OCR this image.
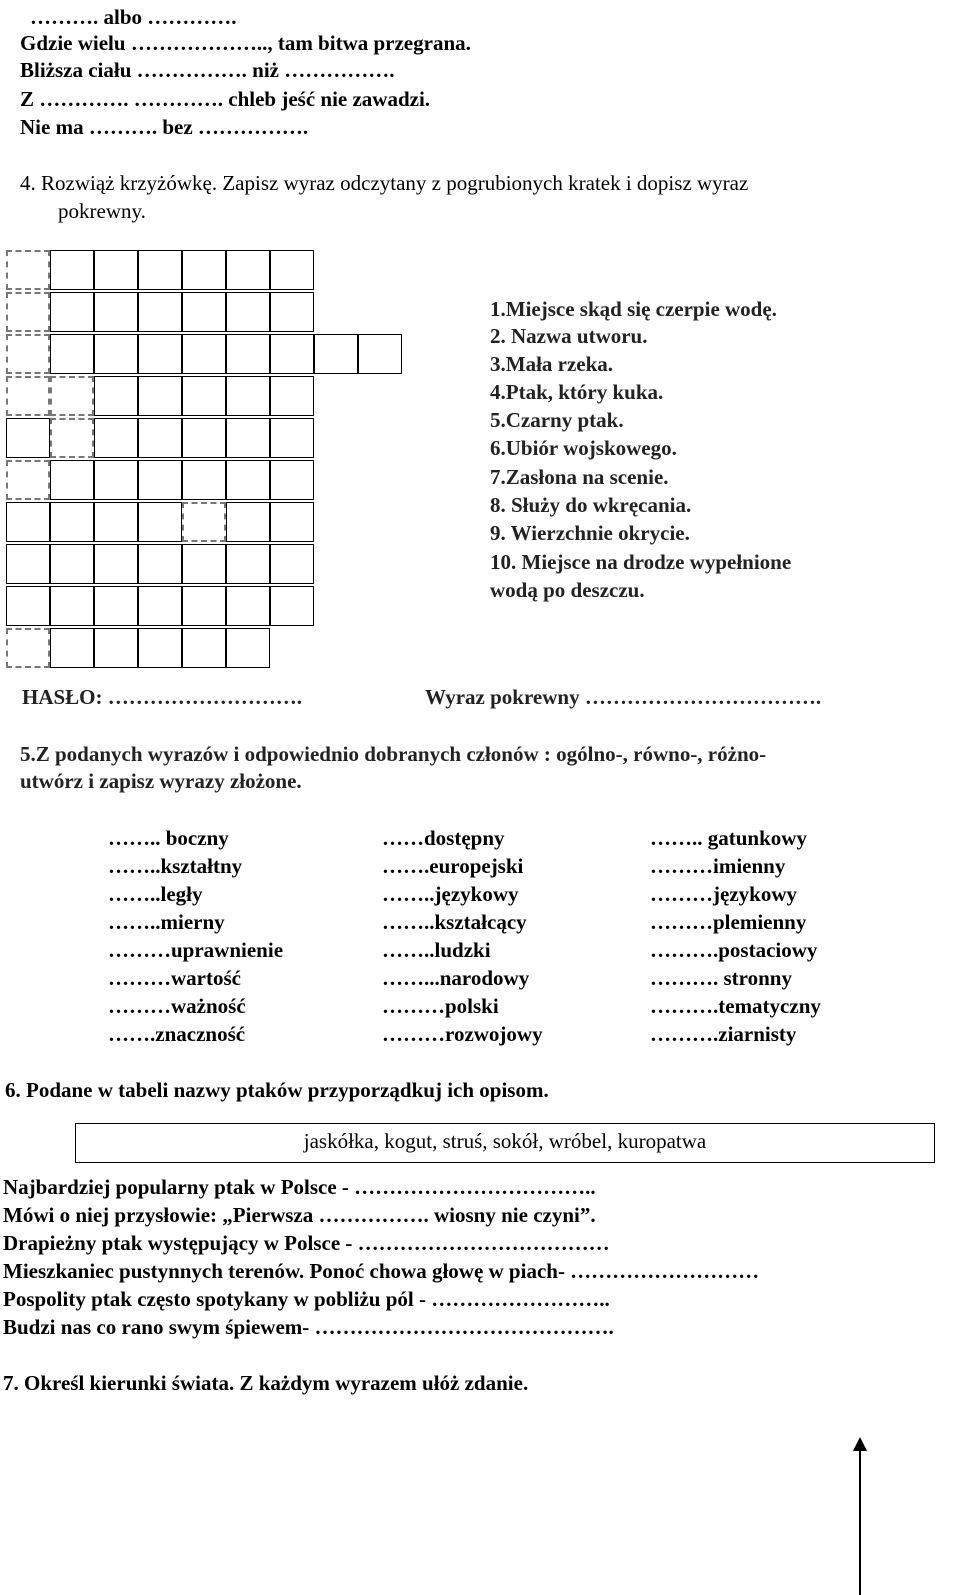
………. albo ………….
Gdzie wielu ……………….., tam bitwa przegrana.
Bliższa ciału ……………. niż …………….
Z …………. …………. chleb jeść nie zawadzi.
Nie ma ………. bez …………….
4. Rozwiąż krzyżówkę. Zapisz wyraz odczytany z pogrubionych kratek i dopisz wyraz
pokrewny.
1.Miejsce skąd się czerpie wodę.
2. Nazwa utworu.
3.Mała rzeka.
4.Ptak, który kuka.
5.Czarny ptak.
6.Ubiór wojskowego.
7.Zasłona na scenie.
8. Służy do wkręcania.
9. Wierzchnie okrycie.
10. Miejsce na drodze wypełnione
wodą po deszczu.
HASŁO: ……………………….	Wyraz pokrewny …………………………….
5.Z podanych wyrazów i odpowiednio dobranych członów : ogólno-, równo-, różno-
utwórz i zapisz wyrazy złożone.
…….. boczny
……..kształtny
……..legły
……..mierny
………uprawnienie
………wartość
………ważność
…….znaczność
……dostępny
…….europejski
……..językowy
……..kształcący
……..ludzki
……...narodowy
………polski
………rozwojowy
…….. gatunkowy
………imienny
………językowy
………plemienny
……….postaciowy
………. stronny
……….tematyczny
……….ziarnisty
6. Podane w tabeli nazwy ptaków przyporządkuj ich opisom.
jaskółka, kogut, struś, sokół, wróbel, kuropatwa
Najbardziej popularny ptak w Polsce - ……………………………..
Mówi o niej przysłowie: „Pierwsza ……………. wiosny nie czyni”.
Drapieżny ptak występujący w Polsce - ………………………………
Mieszkaniec pustynnych terenów. Ponoć chowa głowę w piach- ………………………
Pospolity ptak często spotykany w pobliżu pól - ……………………..
Budzi nas co rano swym śpiewem- …………………………………….
7. Określ kierunki świata. Z każdym wyrazem ułóż zdanie.
